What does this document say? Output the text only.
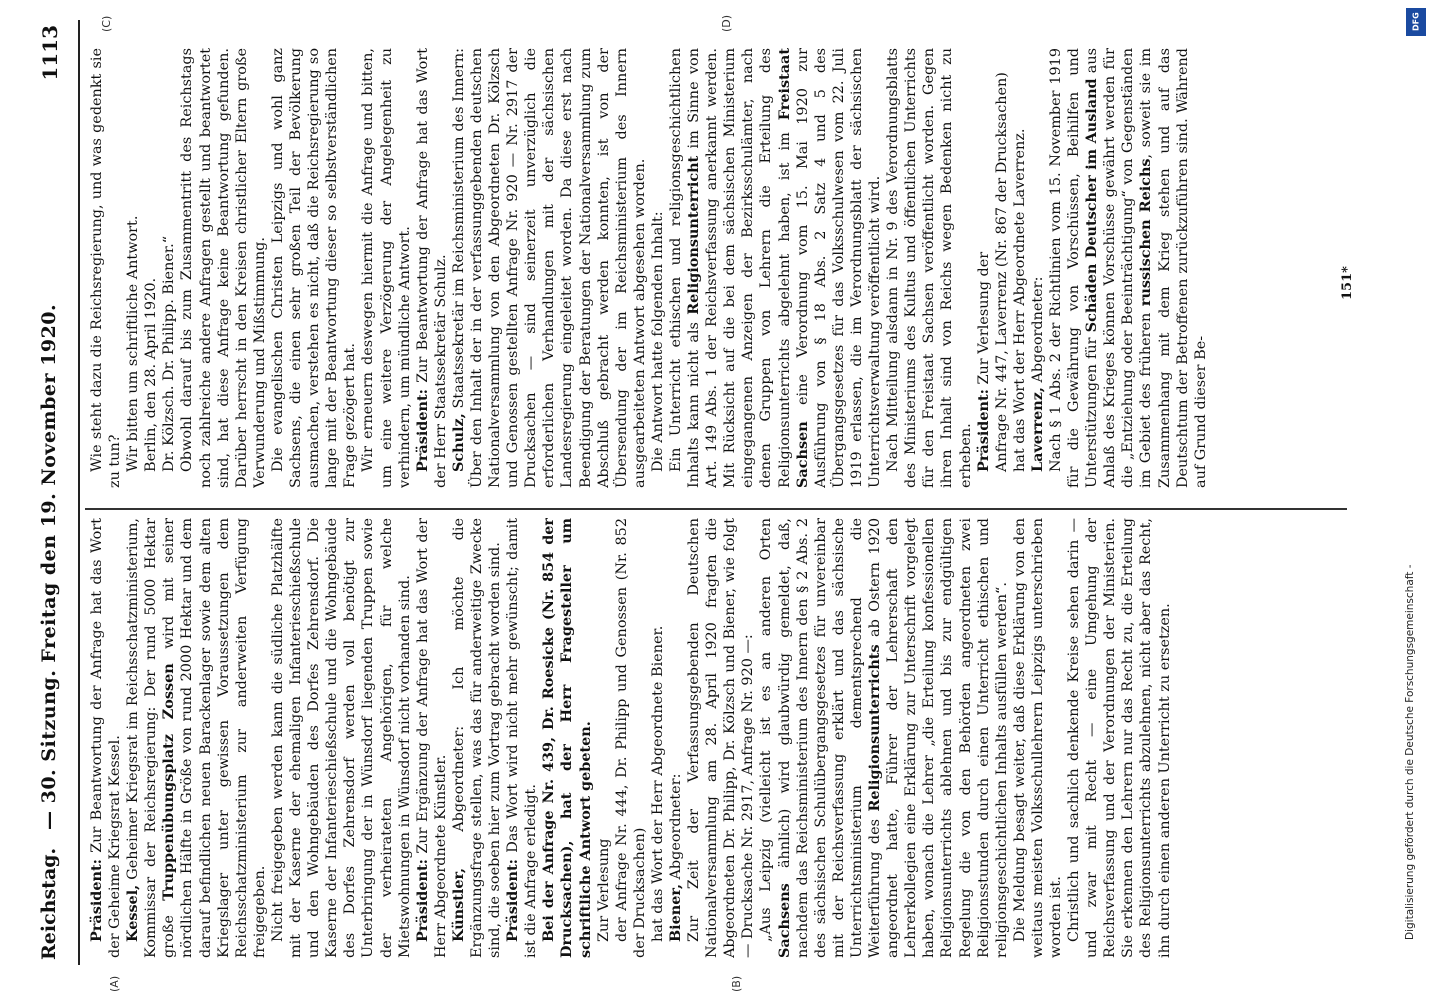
DFG
Digitalisierung gefördert durch die Deutsche Forschungsgemeinschaft -
Reichstag.
— 30. Sitzung. Freitag den 19. November 1920.
1113
(A)	(B)
(C)	(D)

Präsident: Zur Beantwortung der Anfrage hat das Wort der Geheime Kriegsrat Kessel. Kessel, Geheimer Kriegsrat im Reichsschatzministerium, Kommissar der Reichsregierung: Der rund 5000 Hektar große Truppenübungsplatz Zossen wird mit seiner nördlichen Hälfte in Größe von rund 2000 Hektar und dem darauf befindlichen neuen Barackenlager sowie dem alten Kriegslager unter gewissen Voraussetzungen dem Reichsschatzministerium zur anderweiten Verfügung freigegeben. Nicht freigegeben werden kann die südliche Platzhälfte mit der Kaserne der ehemaligen Infanterieschießschule und den Wohngebäuden des Dorfes Zehrensdorf. Die Kaserne der Infanterieschießschule und die Wohngebäude des Dorfes Zehrensdorf werden voll benötigt zur Unterbringung der in Wünsdorf liegenden Truppen sowie der verheirateten Angehörigen, für welche Mietswohnungen in Wünsdorf nicht vorhanden sind. Präsident: Zur Ergänzung der Anfrage hat das Wort der Herr Abgeordnete Künstler. Künstler, Abgeordneter: Ich möchte die Ergänzungsfrage stellen, was das für anderweitige Zwecke sind, die soeben hier zum Vortrag gebracht worden sind. Präsident: Das Wort wird nicht mehr gewünscht; damit ist die Anfrage erledigt. Bei der Anfrage Nr. 439, Dr. Roesicke (Nr. 854 der Drucksachen), hat der Herr Fragesteller um schriftliche Antwort gebeten. Zur Verlesung der Anfrage Nr. 444, Dr. Philipp und Genossen (Nr. 852 der Drucksachen) hat das Wort der Herr Abgeordnete Biener. Biener, Abgeordneter: Zur Zeit der Verfassungsgebenden Deutschen Nationalversammlung am 28. April 1920 fragten die Abgeordneten Dr. Philipp, Dr. Kölzsch und Biener, wie folgt — Drucksache Nr. 2917, Anfrage Nr. 920 —: „Aus Leipzig (vielleicht ist es an anderen Orten Sachsens ähnlich) wird glaubwürdig gemeldet, daß, nachdem das Reichsministerium des Innern den § 2 Abs. 2 des sächsischen Schulübergangsgesetzes für unvereinbar mit der Reichsverfassung erklärt und das sächsische Unterrichtsministerium dementsprechend die Weiterführung des Religionsunterrichts ab Ostern 1920 angeordnet hatte, Führer der Lehrerschaft den Lehrerkollegien eine Erklärung zur Unterschrift vorgelegt haben, wonach die Lehrer „die Erteilung konfessionellen Religionsunterrichts ablehnen und bis zur endgültigen Regelung die von den Behörden angeordneten zwei Religionsstunden durch einen Unterricht ethischen und religionsgeschichtlichen Inhalts ausfüllen werden“. Die Meldung besagt weiter, daß diese Erklärung von den weitaus meisten Volksschullehrern Leipzigs unterschrieben worden ist. Christlich und sachlich denkende Kreise sehen darin — und zwar mit Recht — eine Umgehung der Reichsverfassung und der Verordnungen der Ministerien. Sie erkennen den Lehrern nur das Recht zu, die Erteilung des Religionsunterrichts abzulehnen, nicht aber das Recht, ihn durch einen anderen Unterricht zu ersetzen.

Wie steht dazu die Reichsregierung, und was gedenkt sie zu tun? Wir bitten um schriftliche Antwort. Berlin, den 28. April 1920. Dr. Kölzsch. Dr. Philipp. Biener.“ Obwohl darauf bis zum Zusammentritt des Reichstags noch zahlreiche andere Anfragen gestellt und beantwortet sind, hat diese Anfrage keine Beantwortung gefunden. Darüber herrscht in den Kreisen christlicher Eltern große Verwunderung und Mißstimmung. Die evangelischen Christen Leipzigs und wohl ganz Sachsens, die einen sehr großen Teil der Bevölkerung ausmachen, verstehen es nicht, daß die Reichsregierung so lange mit der Beantwortung dieser so selbstverständlichen Frage gezögert hat. Wir erneuern deswegen hiermit die Anfrage und bitten, um eine weitere Verzögerung der Angelegenheit zu verhindern, um mündliche Antwort. Präsident: Zur Beantwortung der Anfrage hat das Wort der Herr Staatssekretär Schulz. Schulz, Staatssekretär im Reichsministerium des Innern: Über den Inhalt der in der verfassunggebenden deutschen Nationalversammlung von den Abgeordneten Dr. Kölzsch und Genossen gestellten Anfrage Nr. 920 — Nr. 2917 der Drucksachen — sind seinerzeit unverzüglich die erforderlichen Verhandlungen mit der sächsischen Landesregierung eingeleitet worden. Da diese erst nach Beendigung der Beratungen der Nationalversammlung zum Abschluß gebracht werden konnten, ist von der Übersendung der im Reichsministerium des Innern ausgearbeiteten Antwort abgesehen worden. Die Antwort hatte folgenden Inhalt: Ein Unterricht ethischen und religionsgeschichtlichen Inhalts kann nicht als Religionsunterricht im Sinne von Art. 149 Abs. 1 der Reichsverfassung anerkannt werden. Mit Rücksicht auf die bei dem sächsischen Ministerium eingegangenen Anzeigen der Bezirksschulämter, nach denen Gruppen von Lehrern die Erteilung des Religionsunterrichts abgelehnt haben, ist im Freistaat Sachsen eine Verordnung vom 15. Mai 1920 zur Ausführung von § 18 Abs. 2 Satz 4 und 5 des Übergangsgesetzes für das Volksschulwesen vom 22. Juli 1919 erlassen, die im Verordnungsblatt der sächsischen Unterrichtsverwaltung veröffentlicht wird. Nach Mitteilung alsdann in Nr. 9 des Verordnungsblatts des Ministeriums des Kultus und öffentlichen Unterrichts für den Freistaat Sachsen veröffentlicht worden. Gegen ihren Inhalt sind von Reichs wegen Bedenken nicht zu erheben. Präsident: Zur Verlesung der Anfrage Nr. 447, Laverrenz (Nr. 867 der Drucksachen) hat das Wort der Herr Abgeordnete Laverrenz. Laverrenz, Abgeordneter: Nach § 1 Abs. 2 der Richtlinien vom 15. November 1919 für die Gewährung von Vorschüssen, Beihilfen und Unterstützungen für Schäden Deutscher im Ausland aus Anlaß des Krieges können Vorschüsse gewährt werden für die „Entziehung oder Beeinträchtigung“ von Gegenständen im Gebiet des früheren russischen Reichs, soweit sie im Zusammenhang mit dem Krieg stehen und auf das Deutschtum der Betroffenen zurückzuführen sind. Während auf Grund dieser Be-

151*
